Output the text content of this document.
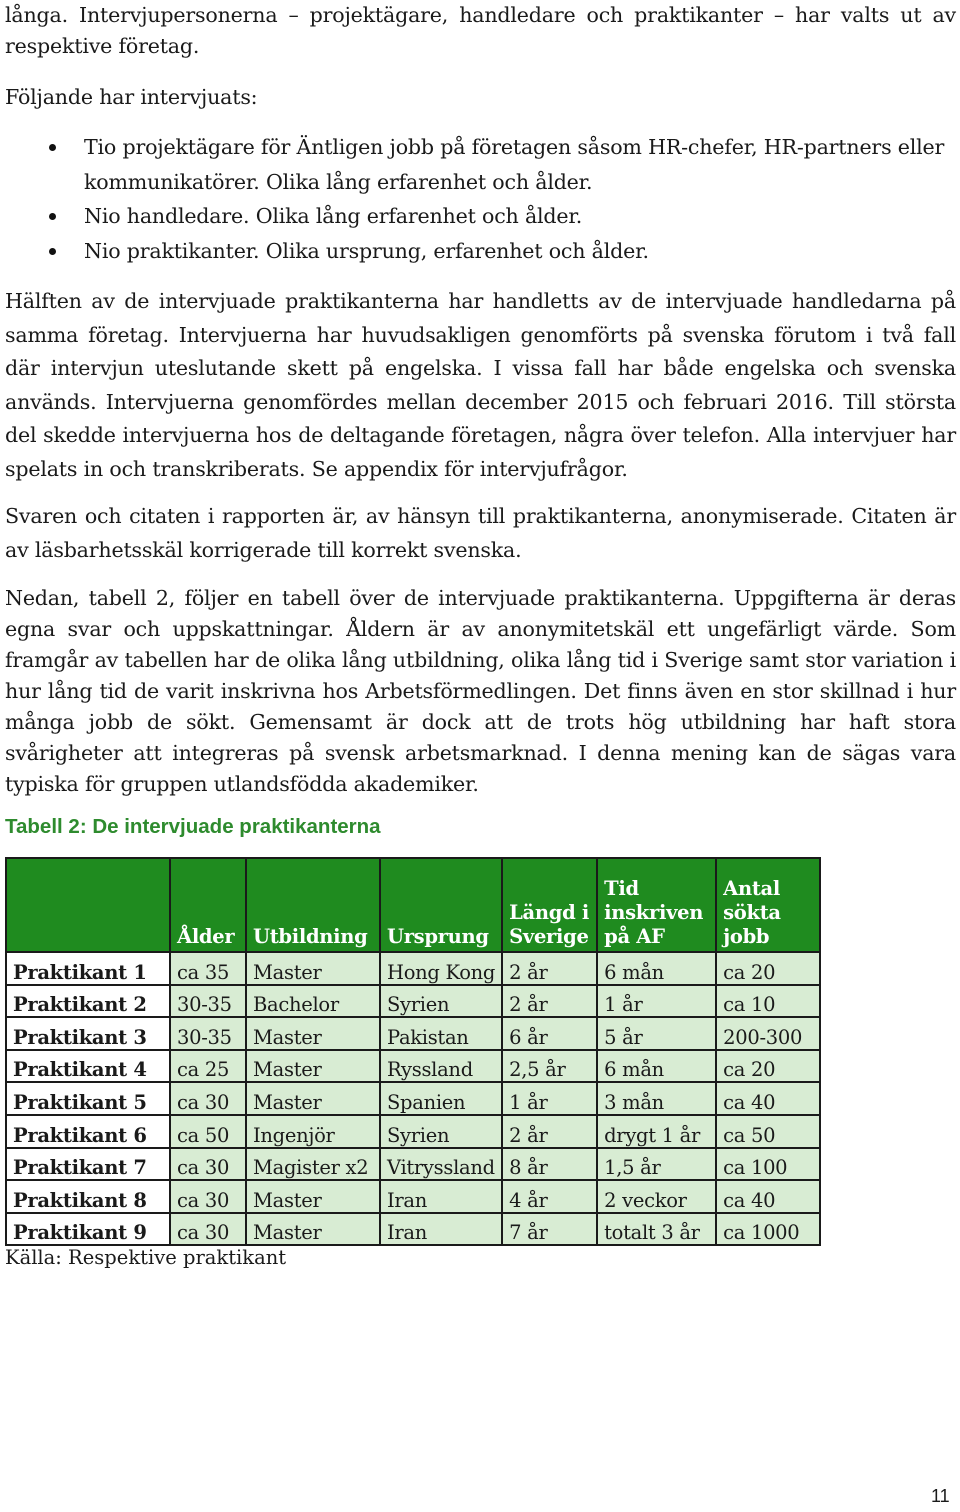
långa. Intervjupersonerna – projektägare, handledare och praktikanter – har valts ut av respektive företag.

Följande har intervjuats:

Tio projektägare för Äntligen jobb på företagen såsom HR-chefer, HR-partners eller kommunikatörer. Olika lång erfarenhet och ålder.
Nio handledare. Olika lång erfarenhet och ålder.
Nio praktikanter. Olika ursprung, erfarenhet och ålder.

Hälften av de intervjuade praktikanterna har handletts av de intervjuade handledarna på samma företag. Intervjuerna har huvudsakligen genomförts på svenska förutom i två fall där intervjun uteslutande skett på engelska. I vissa fall har både engelska och svenska används. Intervjuerna genomfördes mellan december 2015 och februari 2016. Till största del skedde intervjuerna hos de deltagande företagen, några över telefon. Alla intervjuer har spelats in och transkriberats. Se appendix för intervjufrågor.

Svaren och citaten i rapporten är, av hänsyn till praktikanterna, anonymiserade. Citaten är av läsbarhetsskäl korrigerade till korrekt svenska.

Nedan, tabell 2, följer en tabell över de intervjuade praktikanterna. Uppgifterna är deras egna svar och uppskattningar. Åldern är av anonymitetskäl ett ungefärligt värde. Som framgår av tabellen har de olika lång utbildning, olika lång tid i Sverige samt stor variation i hur lång tid de varit inskrivna hos Arbetsförmedlingen. Det finns även en stor skillnad i hur många jobb de sökt. Gemensamt är dock att de trots hög utbildning har haft stora svårigheter att integreras på svensk arbetsmarknad. I denna mening kan de sägas vara typiska för gruppen utlandsfödda akademiker.

Tabell 2: De intervjuade praktikanterna

	Ålder	Utbildning	Ursprung	Längd i Sverige	Tid inskriven på AF	Antal sökta jobb
Praktikant 1	ca 35	Master	Hong Kong	2 år	6 mån	ca 20
Praktikant 2	30-35	Bachelor	Syrien	2 år	1 år	ca 10
Praktikant 3	30-35	Master	Pakistan	6 år	5 år	200-300
Praktikant 4	ca 25	Master	Ryssland	2,5 år	6 mån	ca 20
Praktikant 5	ca 30	Master	Spanien	1 år	3 mån	ca 40
Praktikant 6	ca 50	Ingenjör	Syrien	2 år	drygt 1 år	ca 50
Praktikant 7	ca 30	Magister x2	Vitryssland	8 år	1,5 år	ca 100
Praktikant 8	ca 30	Master	Iran	4 år	2 veckor	ca 40
Praktikant 9	ca 30	Master	Iran	7 år	totalt 3 år	ca 1000

Källa: Respektive praktikant

11
